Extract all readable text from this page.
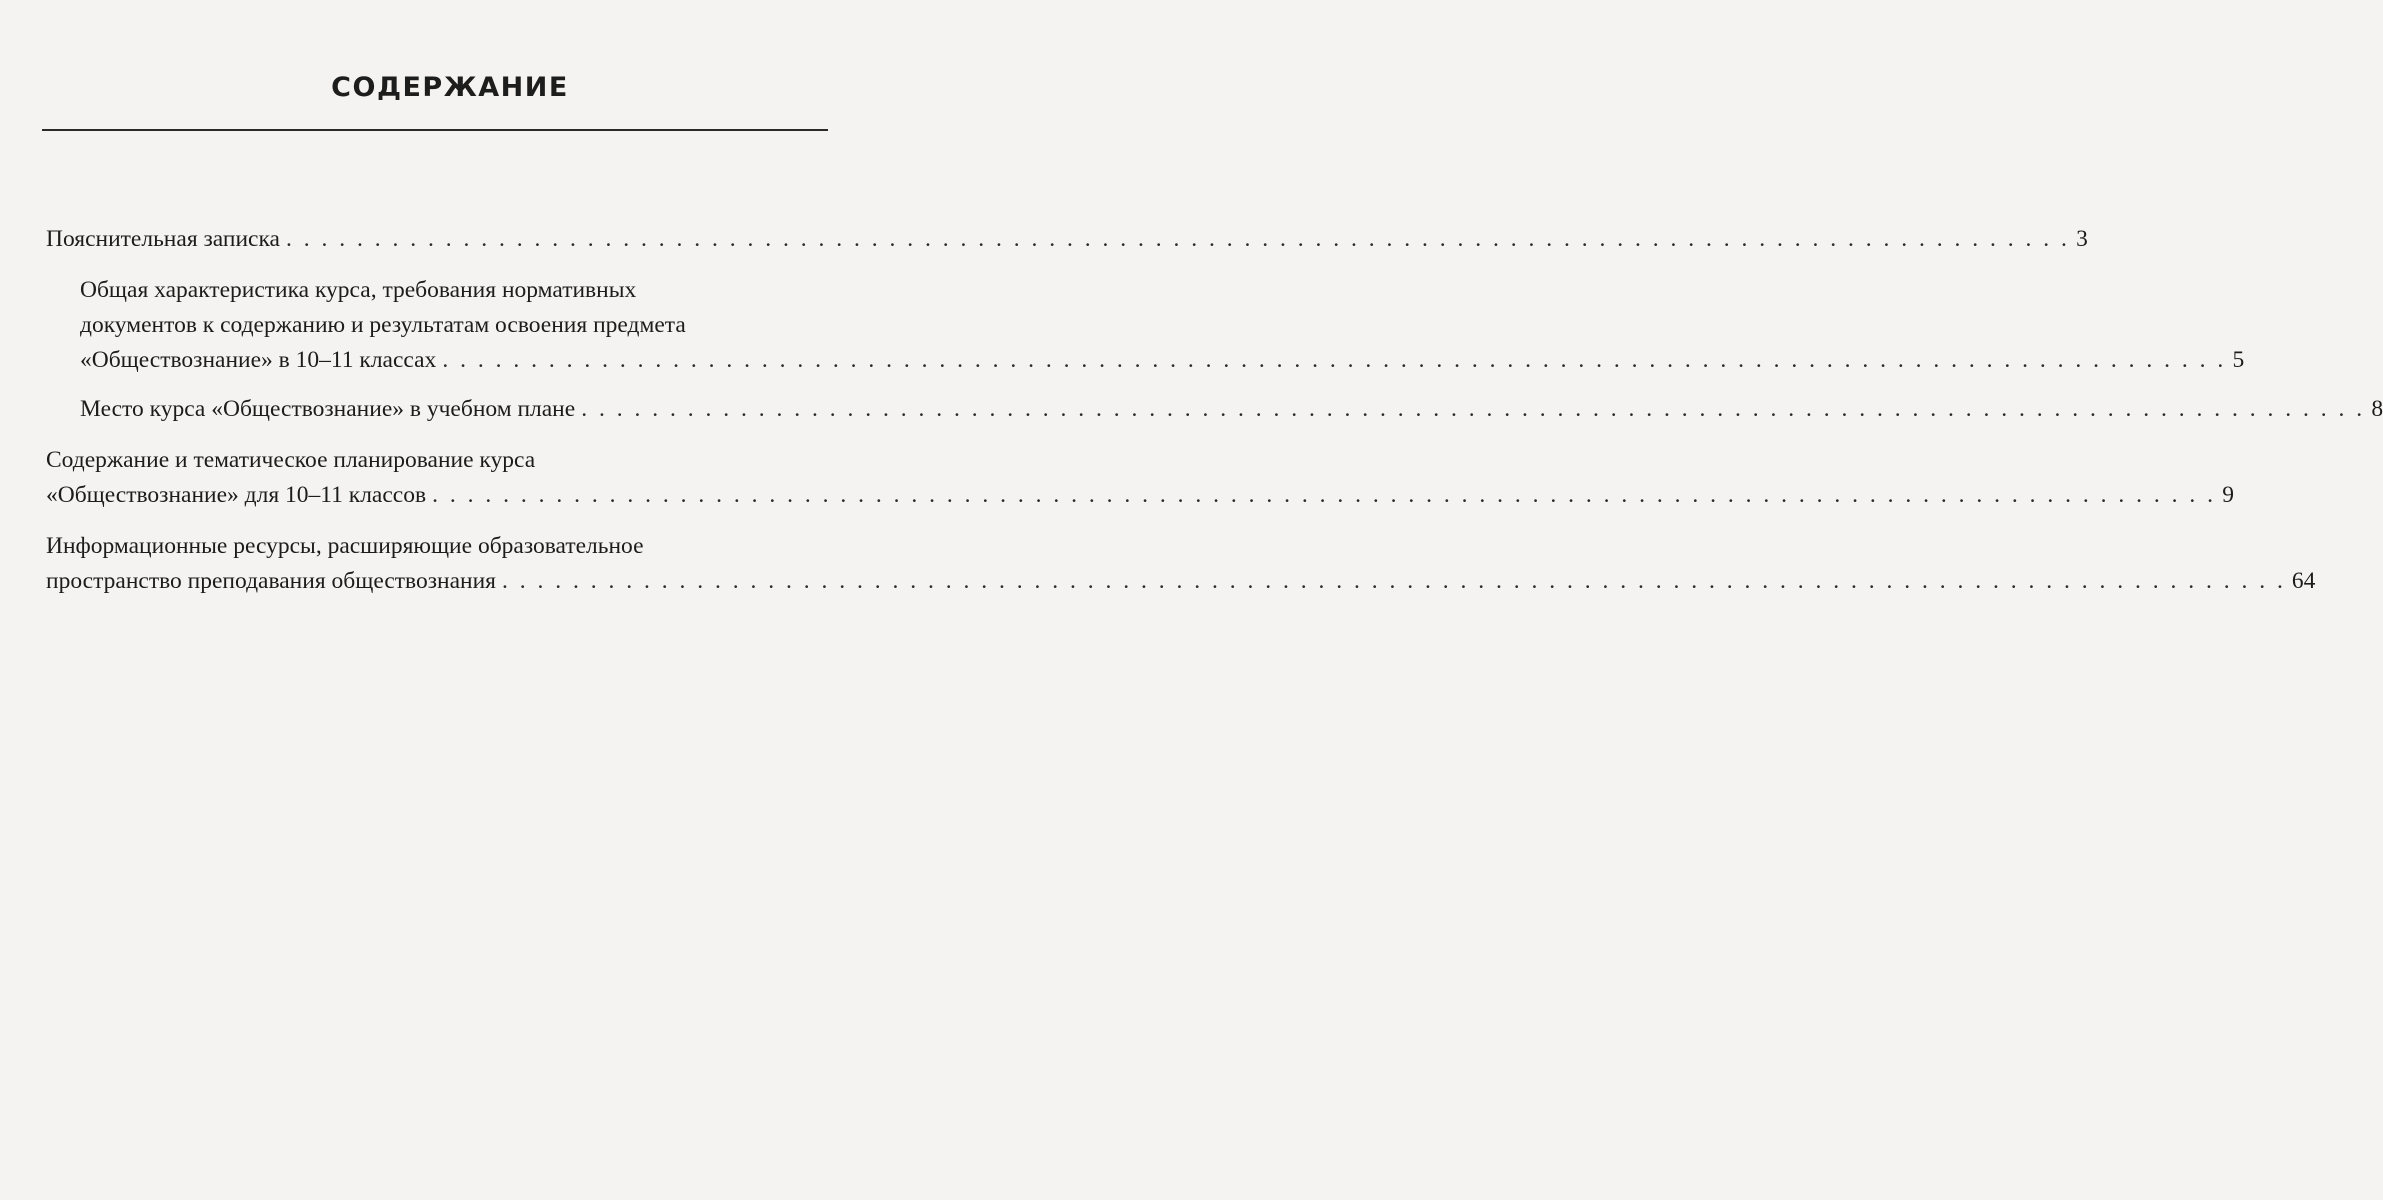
СОДЕРЖАНИЕ
Пояснительная записка . . . . . . . . . . . . . . . . . . . . . . . . . . . . . . . . . . . . . . . . . . . . . . . . . . . . . . . . . . . . . . . . . . . . . . . . . . . . . . . . . . . . . . . . . . . . . . . . . . . . . 3
Общая характеристика курса, требования нормативных
документов к содержанию и результатам освоения предмета
«Обществознание» в 10–11 классах . . . . . . . . . . . . . . . . . . . . . . . . . . . . . . . . . . . . . . . . . . . . . . . . . . . . . . . . . . . . . . . . . . . . . . . . . . . . . . . . . . . . . . . . . . . . . . . . . . . . . 5
Место курса «Обществознание» в учебном плане . . . . . . . . . . . . . . . . . . . . . . . . . . . . . . . . . . . . . . . . . . . . . . . . . . . . . . . . . . . . . . . . . . . . . . . . . . . . . . . . . . . . . . . . . . . . . . . . . . . . . 8
Содержание и тематическое планирование курса
«Обществознание» для 10–11 классов . . . . . . . . . . . . . . . . . . . . . . . . . . . . . . . . . . . . . . . . . . . . . . . . . . . . . . . . . . . . . . . . . . . . . . . . . . . . . . . . . . . . . . . . . . . . . . . . . . . . . 9
Информационные ресурсы, расширяющие образовательное
пространство преподавания обществознания . . . . . . . . . . . . . . . . . . . . . . . . . . . . . . . . . . . . . . . . . . . . . . . . . . . . . . . . . . . . . . . . . . . . . . . . . . . . . . . . . . . . . . . . . . . . . . . . . . . . . 64
